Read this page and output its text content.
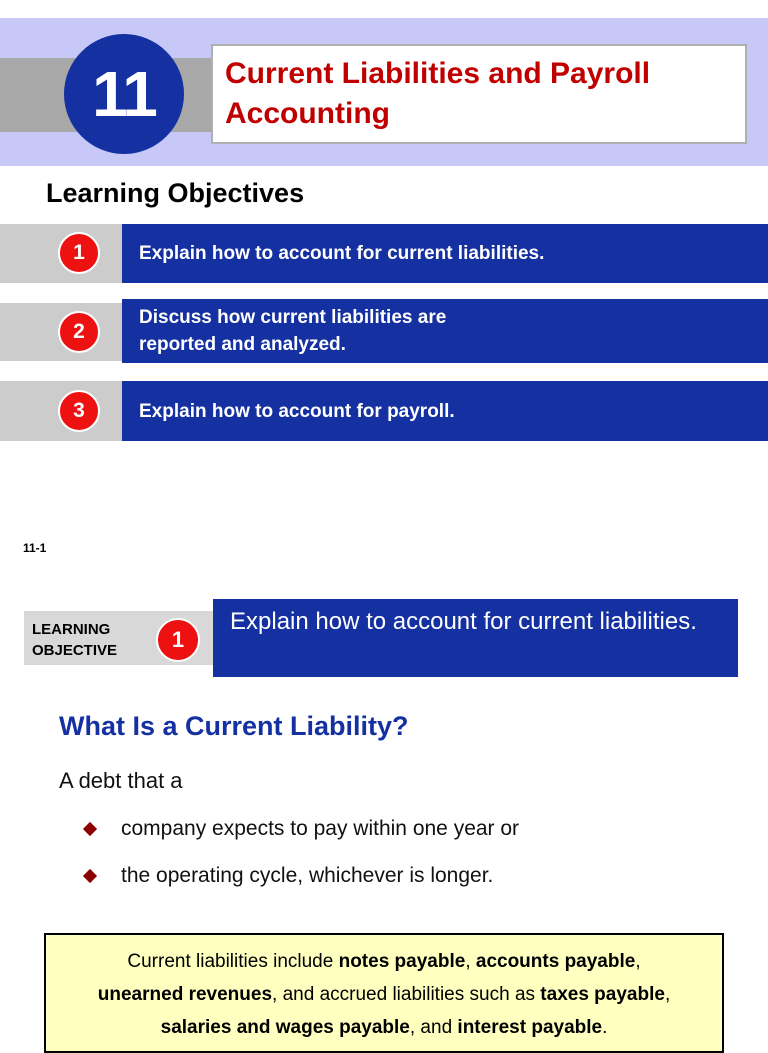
11	Current Liabilities and Payroll Accounting
Learning Objectives
1	Explain how to account for current liabilities.
2
Discuss how current liabilities are
reported and analyzed.
3	Explain how to account for payroll.
11-1

LEARNING
OBJECTIVE	1
Explain how to account for current liabilities.
What Is a Current Liability?

A debt that a

company expects to pay within one year or
the operating cycle, whichever is longer.
Current liabilities include notes payable, accounts payable,
unearned revenues, and accrued liabilities such as taxes payable,
salaries and wages payable, and interest payable.
